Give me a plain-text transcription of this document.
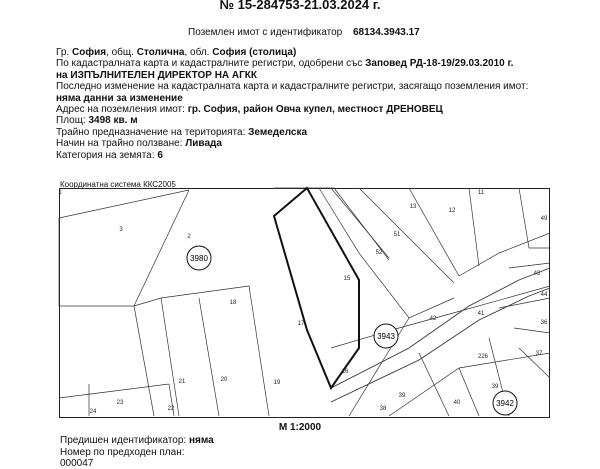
№ 15-284753-21.03.2024 г.
Поземлен имот с идентификатор 68134.3943.17
Гр. София, общ. Столична, обл. София (столица)
По кадастралната карта и кадастралните регистри, одобрени със Заповед РД-18-19/29.03.2010 г.
на ИЗПЪЛНИТЕЛЕН ДИРЕКТОР НА АГКК
Последно изменение на кадастралната карта и кадастралните регистри, засягащо поземления имот:
няма данни за изменение
Адрес на поземления имот: гр. София, район Овча купел, местност ДРЕНОВЕЦ
Площ: 3498 кв. м
Трайно предназначение на територията: Земеделска
Начин на трайно ползване: Ливада
Категория на земята: 6
Координатна система ККС2005
3980
3943
3942
1
2
3
11
12
13
49
51
52
15
43
44
18
17
42
41
36
37
226
16
21	20	19
39
40
39
23
24	22	38
М 1:2000
Предишен идентификатор: няма
Номер по предходен план: 000047
